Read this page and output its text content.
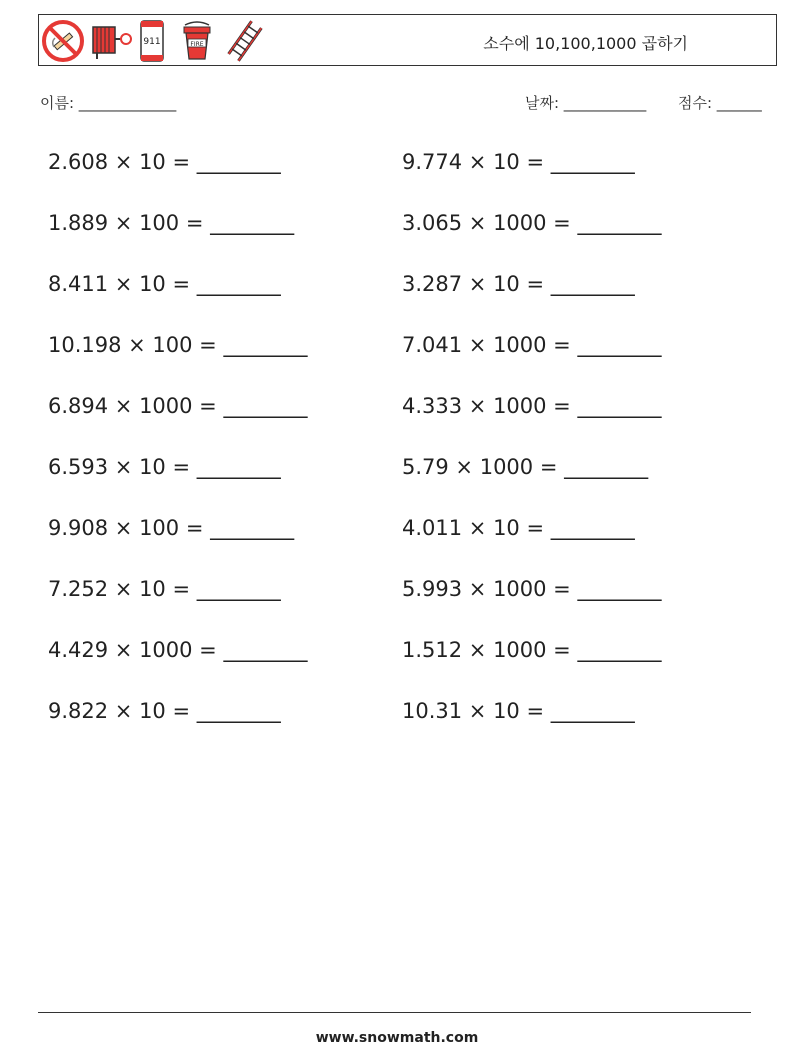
911	FIRE	소수에 10,100,1000 곱하기
이름: _____________	날짜: ___________ 점수: ______
2.608 × 10 = ________
1.889 × 100 = ________
8.411 × 10 = ________
10.198 × 100 = ________
6.894 × 1000 = ________
6.593 × 10 = ________
9.908 × 100 = ________
7.252 × 10 = ________
4.429 × 1000 = ________
9.822 × 10 = ________
9.774 × 10 = ________
3.065 × 1000 = ________
3.287 × 10 = ________
7.041 × 1000 = ________
4.333 × 1000 = ________
5.79 × 1000 = ________
4.011 × 10 = ________
5.993 × 1000 = ________
1.512 × 1000 = ________
10.31 × 10 = ________
www.snowmath.com
